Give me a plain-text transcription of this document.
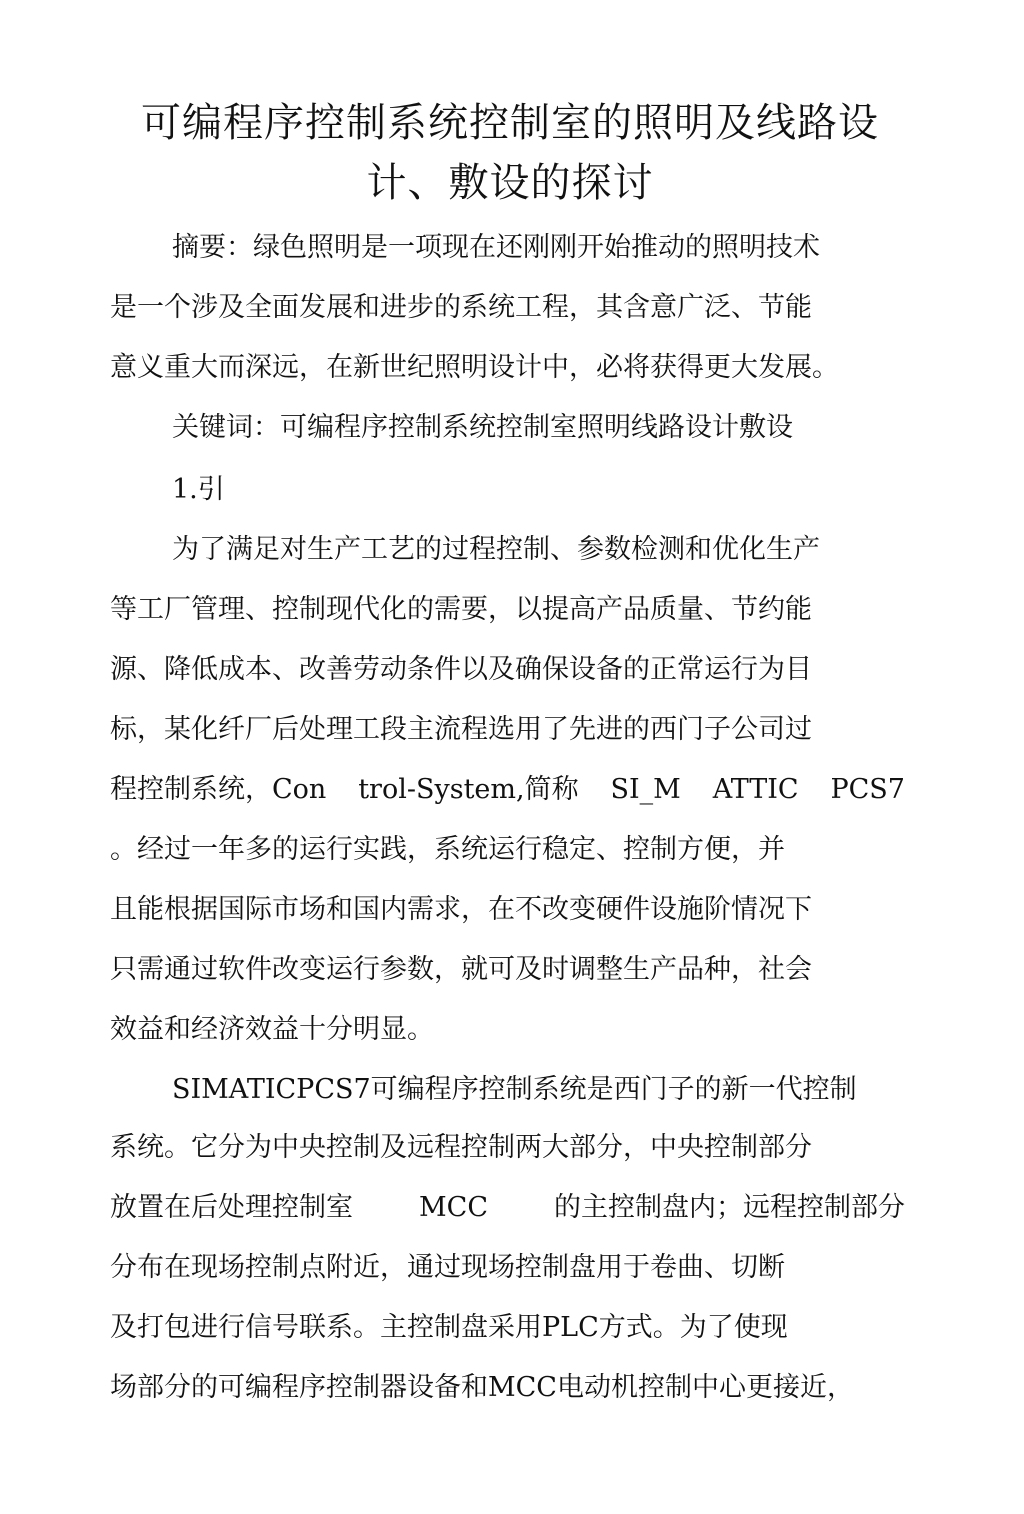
可编程序控制系统控制室的照明及线路设
计、敷设的探讨
摘要：绿色照明是一项现在还刚刚开始推动的照明技术
是一个涉及全面发展和进步的系统工程，其含意广泛、节能
意义重大而深远，在新世纪照明设计中，必将获得更大发展。
关键词：可编程序控制系统控制室照明线路设计敷设
1.引
为了满足对生产工艺的过程控制、参数检测和优化生产
等工厂管理、控制现代化的需要，以提高产品质量、节约能
源、降低成本、改善劳动条件以及确保设备的正常运行为目
标，某化纤厂后处理工段主流程选用了先进的西门子公司过
程控制系统，Con trol-System,简称 SI_M ATTIC PCS7
。经过一年多的运行实践，系统运行稳定、控制方便，并
且能根据国际市场和国内需求，在不改变硬件设施阶情况下
只需通过软件改变运行参数，就可及时调整生产品种，社会
效益和经济效益十分明显。
SIMATICPCS7可编程序控制系统是西门子的新一代控制
系统。它分为中央控制及远程控制两大部分，中央控制部分
放置在后处理控制室 MCC 的主控制盘内；远程控制部分
分布在现场控制点附近，通过现场控制盘用于卷曲、切断
及打包进行信号联系。主控制盘采用PLC方式。为了使现
场部分的可编程序控制器设备和MCC电动机控制中心更接近，
